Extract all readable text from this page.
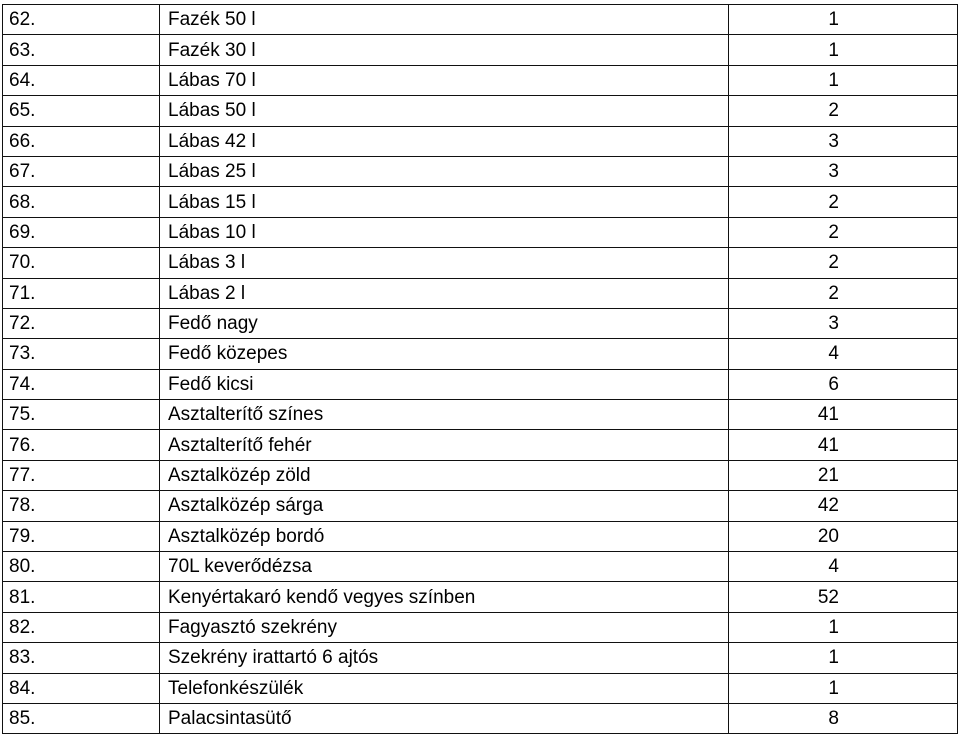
62.	Fazék 50 l	1
63.	Fazék 30 l	1
64.	Lábas 70 l	1
65.	Lábas 50 l	2
66.	Lábas 42 l	3
67.	Lábas 25 l	3
68.	Lábas 15 l	2
69.	Lábas 10 l	2
70.	Lábas 3 l	2
71.	Lábas 2 l	2
72.	Fedő nagy	3
73.	Fedő közepes	4
74.	Fedő kicsi	6
75.	Asztalterítő színes	41
76.	Asztalterítő fehér	41
77.	Asztalközép zöld	21
78.	Asztalközép sárga	42
79.	Asztalközép bordó	20
80.	70L keverődézsa	4
81.	Kenyértakaró kendő vegyes színben	52
82.	Fagyasztó szekrény	1
83.	Szekrény irattartó 6 ajtós	1
84.	Telefonkészülék	1
85.	Palacsintasütő	8
